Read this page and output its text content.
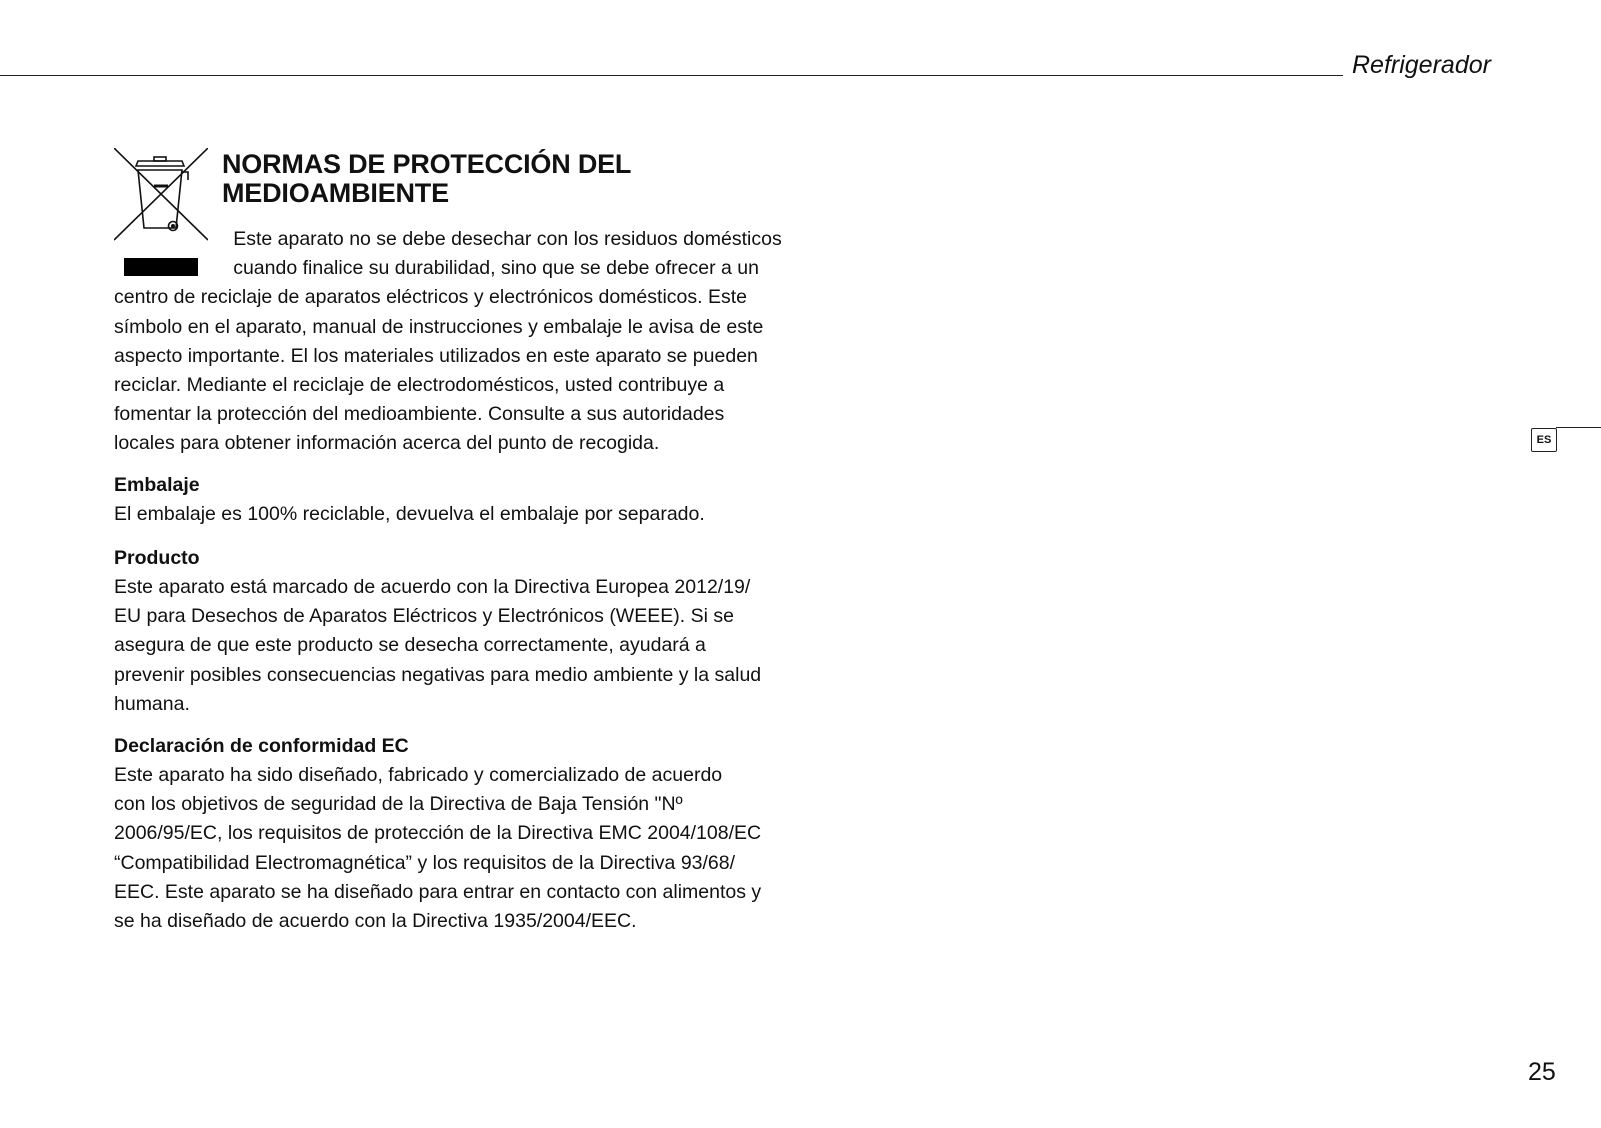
Refrigerador
NORMAS DE PROTECCIÓN DEL
MEDIOAMBIENTE

Este aparato no se debe desechar con los residuos domésticos
cuando finalice su durabilidad, sino que se debe ofrecer a un
centro de reciclaje de aparatos eléctricos y electrónicos domésticos. Este
símbolo en el aparato, manual de instrucciones y embalaje le avisa de este
aspecto importante. El los materiales utilizados en este aparato se pueden
reciclar. Mediante el reciclaje de electrodomésticos, usted contribuye a
fomentar la protección del medioambiente. Consulte a sus autoridades
locales para obtener información acerca del punto de recogida.

Embalaje

El embalaje es 100% reciclable, devuelva el embalaje por separado.

Producto

Este aparato está marcado de acuerdo con la Directiva Europea 2012/19/
EU para Desechos de Aparatos Eléctricos y Electrónicos (WEEE). Si se
asegura de que este producto se desecha correctamente, ayudará a
prevenir posibles consecuencias negativas para medio ambiente y la salud
humana.

Declaración de conformidad EC

Este aparato ha sido diseñado, fabricado y comercializado de acuerdo
con los objetivos de seguridad de la Directiva de Baja Tensión "Nº
2006/95/EC, los requisitos de protección de la Directiva EMC 2004/108/EC
“Compatibilidad Electromagnética” y los requisitos de la Directiva 93/68/
EEC. Este aparato se ha diseñado para entrar en contacto con alimentos y
se ha diseñado de acuerdo con la Directiva 1935/2004/EEC.

ES
25
